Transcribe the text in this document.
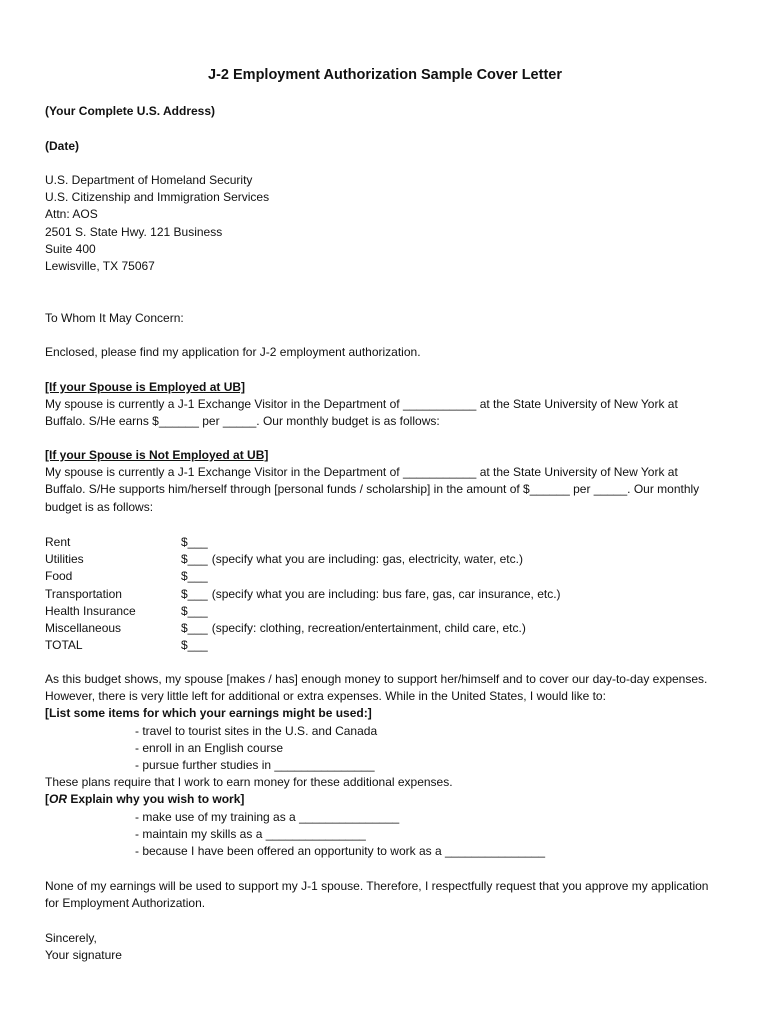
J-2 Employment Authorization Sample Cover Letter
(Your Complete U.S. Address)
(Date)
U.S. Department of Homeland Security
U.S. Citizenship and Immigration Services
Attn: AOS
2501 S. State Hwy. 121 Business
Suite 400
Lewisville, TX 75067
To Whom It May Concern:
Enclosed, please find my application for J-2 employment authorization.
[If your Spouse is Employed at UB]
My spouse is currently a J-1 Exchange Visitor in the Department of ___________ at the State University of New York at
Buffalo. S/He earns $______ per _____. Our monthly budget is as follows:
[If your Spouse is Not Employed at UB]
My spouse is currently a J-1 Exchange Visitor in the Department of ___________ at the State University of New York at
Buffalo. S/He supports him/herself through [personal funds / scholarship] in the amount of $______ per _____. Our monthly
budget is as follows:
Rent	$___
Utilities	$___ (specify what you are including: gas, electricity, water, etc.)
Food	$___
Transportation	$___ (specify what you are including: bus fare, gas, car insurance, etc.)
Health Insurance	$___
Miscellaneous	$___ (specify: clothing, recreation/entertainment, child care, etc.)
TOTAL	$___
As this budget shows, my spouse [makes / has] enough money to support her/himself and to cover our day-to-day expenses.
However, there is very little left for additional or extra expenses. While in the United States, I would like to:
[List some items for which your earnings might be used:]
- travel to tourist sites in the U.S. and Canada
- enroll in an English course
- pursue further studies in _______________
These plans require that I work to earn money for these additional expenses.
[OR Explain why you wish to work]
- make use of my training as a _______________
- maintain my skills as a _______________
- because I have been offered an opportunity to work as a _______________
None of my earnings will be used to support my J-1 spouse. Therefore, I respectfully request that you approve my application
for Employment Authorization.
Sincerely,
Your signature
